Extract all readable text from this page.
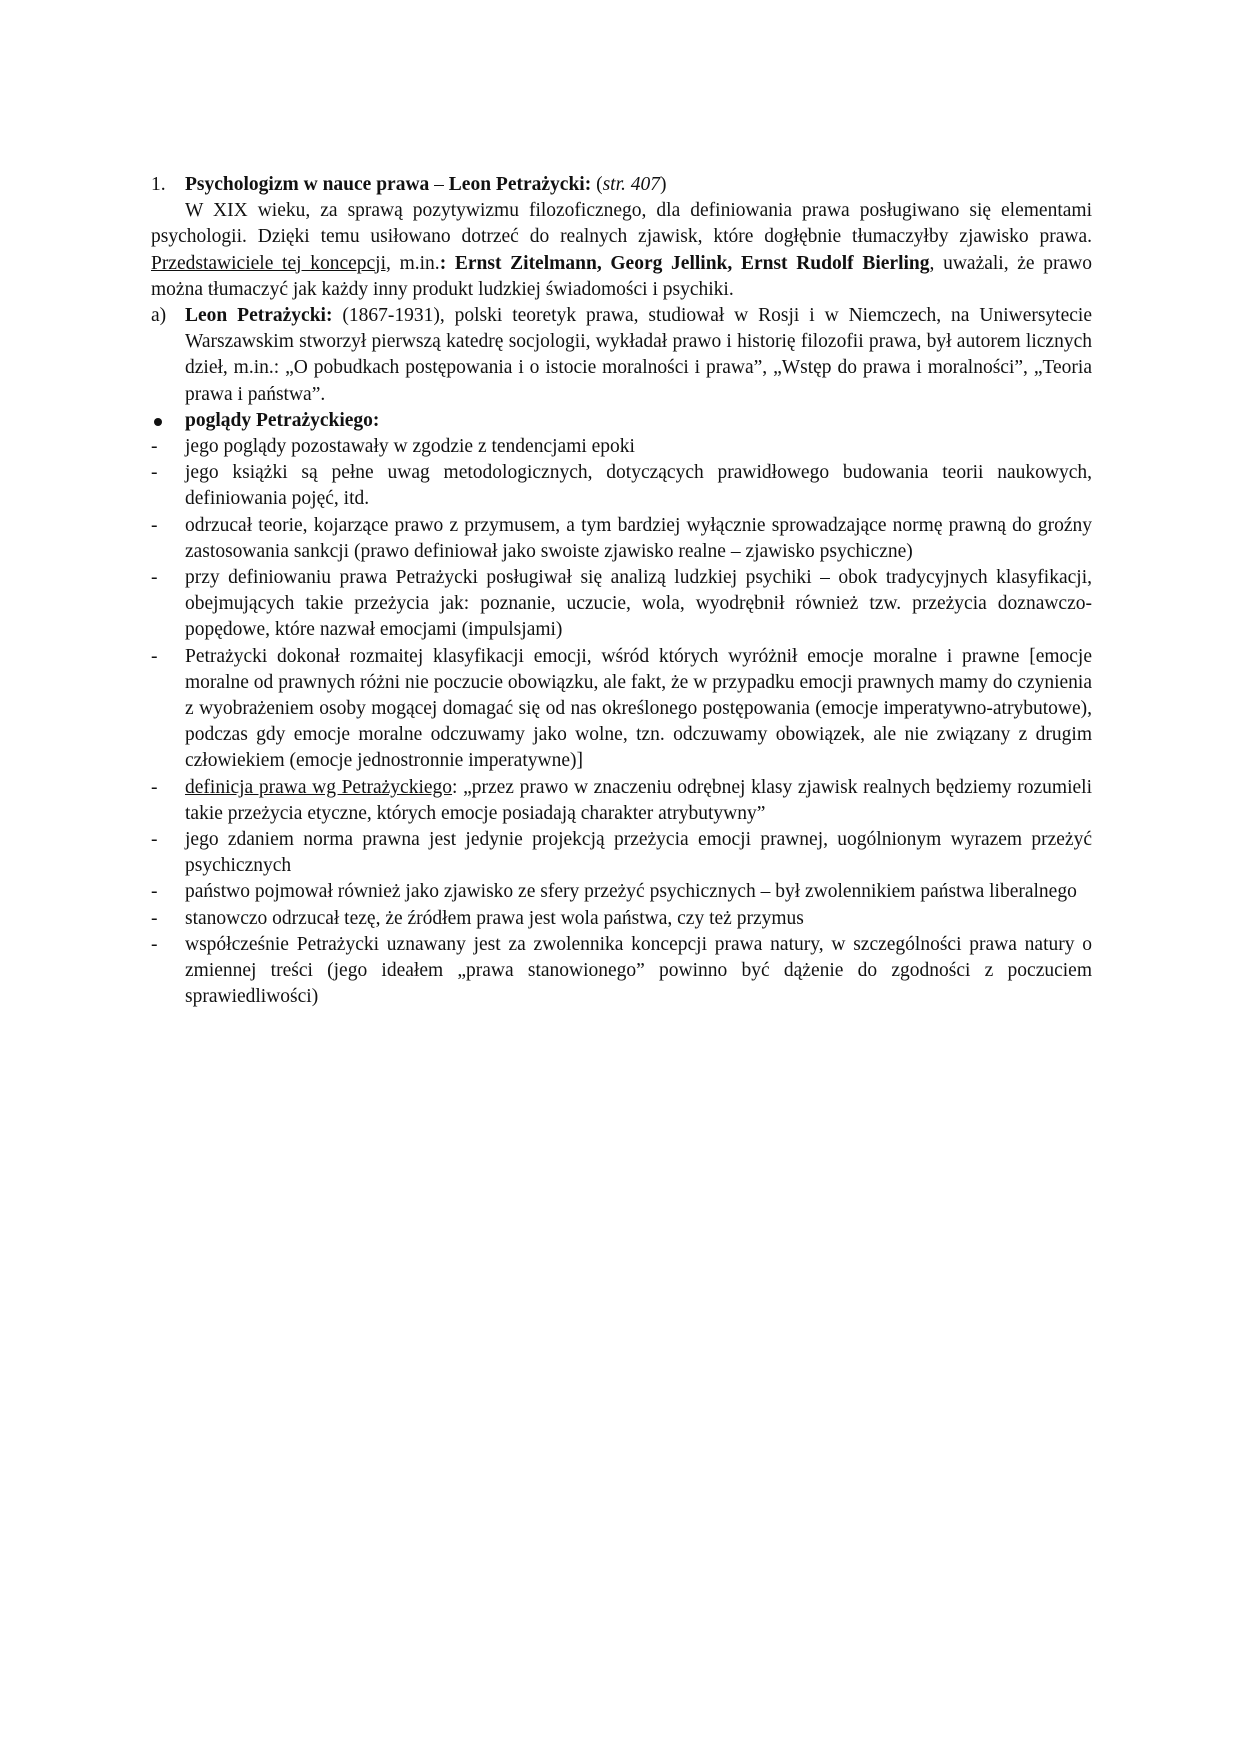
1. Psychologizm w nauce prawa – Leon Petrażycki: (str. 407)
W XIX wieku, za sprawą pozytywizmu filozoficznego, dla definiowania prawa posługiwano się elementami psychologii. Dzięki temu usiłowano dotrzeć do realnych zjawisk, które dogłębnie tłumaczyłby zjawisko prawa. Przedstawiciele tej koncepcji, m.in.: Ernst Zitelmann, Georg Jellink, Ernst Rudolf Bierling, uważali, że prawo można tłumaczyć jak każdy inny produkt ludzkiej świadomości i psychiki.
a) Leon Petrażycki: (1867-1931), polski teoretyk prawa, studiował w Rosji i w Niemczech, na Uniwersytecie Warszawskim stworzył pierwszą katedrę socjologii, wykładał prawo i historię filozofii prawa, był autorem licznych dzieł, m.in.: „O pobudkach postępowania i o istocie moralności i prawa”, „Wstęp do prawa i moralności”, „Teoria prawa i państwa”.
poglądy Petrażyckiego:
-	jego poglądy pozostawały w zgodzie z tendencjami epoki
-	jego książki są pełne uwag metodologicznych, dotyczących prawidłowego budowania teorii naukowych, definiowania pojęć, itd.
-	odrzucał teorie, kojarzące prawo z przymusem, a tym bardziej wyłącznie sprowadzające normę prawną do groźny zastosowania sankcji (prawo definiował jako swoiste zjawisko realne – zjawisko psychiczne)
-	przy definiowaniu prawa Petrażycki posługiwał się analizą ludzkiej psychiki – obok tradycyjnych klasyfikacji, obejmujących takie przeżycia jak: poznanie, uczucie, wola, wyodrębnił również tzw. przeżycia doznawczo-popędowe, które nazwał emocjami (impulsjami)
-	Petrażycki dokonał rozmaitej klasyfikacji emocji, wśród których wyróżnił emocje moralne i prawne [emocje moralne od prawnych różni nie poczucie obowiązku, ale fakt, że w przypadku emocji prawnych mamy do czynienia z wyobrażeniem osoby mogącej domagać się od nas określonego postępowania (emocje imperatywno-atrybutowe), podczas gdy emocje moralne odczuwamy jako wolne, tzn. odczuwamy obowiązek, ale nie związany z drugim człowiekiem (emocje jednostronnie imperatywne)]
-	definicja prawa wg Petrażyckiego: „przez prawo w znaczeniu odrębnej klasy zjawisk realnych będziemy rozumieli takie przeżycia etyczne, których emocje posiadają charakter atrybutywny”
-	jego zdaniem norma prawna jest jedynie projekcją przeżycia emocji prawnej, uogólnionym wyrazem przeżyć psychicznych
-	państwo pojmował również jako zjawisko ze sfery przeżyć psychicznych – był zwolennikiem państwa liberalnego
-	stanowczo odrzucał tezę, że źródłem prawa jest wola państwa, czy też przymus
-	współcześnie Petrażycki uznawany jest za zwolennika koncepcji prawa natury, w szczególności prawa natury o zmiennej treści (jego ideałem „prawa stanowionego” powinno być dążenie do zgodności z poczuciem sprawiedliwości)
